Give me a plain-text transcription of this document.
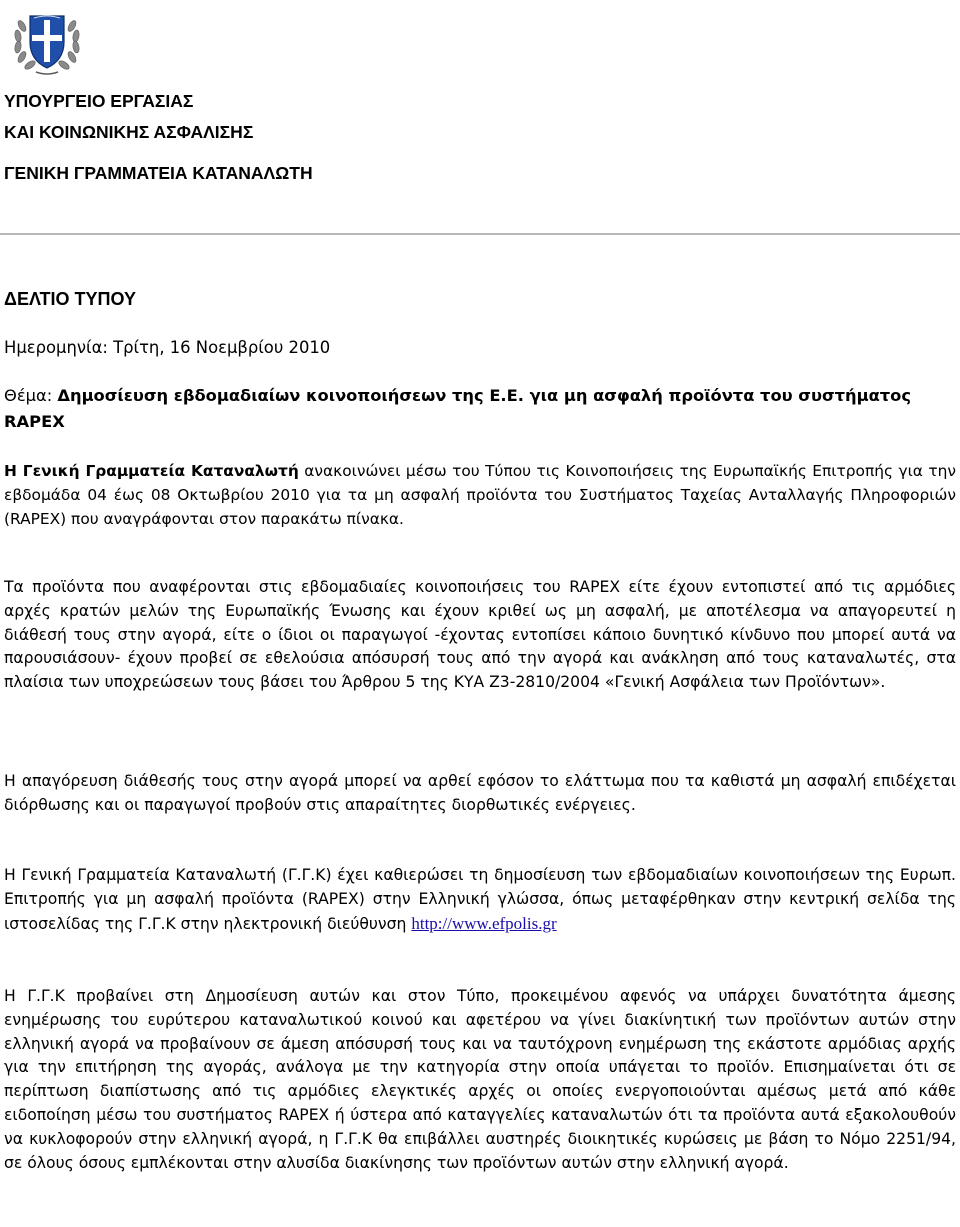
ΥΠΟΥΡΓΕΙΟ ΕΡΓΑΣΙΑΣ
ΚΑΙ ΚΟΙΝΩΝΙΚΗΣ ΑΣΦΑΛΙΣΗΣ
ΓΕΝΙΚΗ ΓΡΑΜΜΑΤΕΙΑ ΚΑΤΑΝΑΛΩΤΗ
ΔΕΛΤΙΟ ΤΥΠΟΥ

Ημερομηνία: Τρίτη, 16 Νοεμβρίου 2010

Θέμα: Δημοσίευση εβδομαδιαίων κοινοποιήσεων της Ε.Ε. για μη ασφαλή προϊόντα του συστήματος RAPEX

Η Γενική Γραμματεία Καταναλωτή ανακοινώνει μέσω του Τύπου τις Κοινοποιήσεις της Ευρωπαϊκής Επιτροπής για την εβδομάδα 04 έως 08 Οκτωβρίου 2010 για τα μη ασφαλή προϊόντα του Συστήματος Ταχείας Ανταλλαγής Πληροφοριών (RAPEX) που αναγράφονται στον παρακάτω πίνακα.

Τα προϊόντα που αναφέρονται στις εβδομαδιαίες κοινοποιήσεις του RAPEX είτε έχουν εντοπιστεί από τις αρμόδιες αρχές κρατών μελών της Ευρωπαϊκής Ένωσης και έχουν κριθεί ως μη ασφαλή, με αποτέλεσμα να απαγορευτεί η διάθεσή τους στην αγορά, είτε ο ίδιοι οι παραγωγοί -έχοντας εντοπίσει κάποιο δυνητικό κίνδυνο που μπορεί αυτά να παρουσιάσουν- έχουν προβεί σε εθελούσια απόσυρσή τους από την αγορά και ανάκληση από τους καταναλωτές, στα πλαίσια των υποχρεώσεων τους βάσει του Άρθρου 5 της ΚΥΑ Ζ3-2810/2004 «Γενική Ασφάλεια των Προϊόντων».

Η απαγόρευση διάθεσής τους στην αγορά μπορεί να αρθεί εφόσον το ελάττωμα που τα καθιστά μη ασφαλή επιδέχεται διόρθωσης και οι παραγωγοί προβούν στις απαραίτητες διορθωτικές ενέργειες.

Η Γενική Γραμματεία Καταναλωτή (Γ.Γ.Κ) έχει καθιερώσει τη δημοσίευση των εβδομαδιαίων κοινοποιήσεων της Ευρωπ. Επιτροπής για μη ασφαλή προϊόντα (RAPEX) στην Ελληνική γλώσσα, όπως μεταφέρθηκαν στην κεντρική σελίδα της ιστοσελίδας της Γ.Γ.Κ στην ηλεκτρονική διεύθυνση http://www.efpolis.gr

Η Γ.Γ.Κ προβαίνει στη Δημοσίευση αυτών και στον Τύπο, προκειμένου αφενός να υπάρχει δυνατότητα άμεσης ενημέρωσης του ευρύτερου καταναλωτικού κοινού και αφετέρου να γίνει διακίνητική των προϊόντων αυτών στην ελληνική αγορά να προβαίνουν σε άμεση απόσυρσή τους και να ταυτόχρονη ενημέρωση της εκάστοτε αρμόδιας αρχής για την επιτήρηση της αγοράς, ανάλογα με την κατηγορία στην οποία υπάγεται το προϊόν. Επισημαίνεται ότι σε περίπτωση διαπίστωσης από τις αρμόδιες ελεγκτικές αρχές οι οποίες ενεργοποιούνται αμέσως μετά από κάθε ειδοποίηση μέσω του συστήματος RAPEX ή ύστερα από καταγγελίες καταναλωτών ότι τα προϊόντα αυτά εξακολουθούν να κυκλοφορούν στην ελληνική αγορά, η Γ.Γ.Κ θα επιβάλλει αυστηρές διοικητικές κυρώσεις με βάση το Νόμο 2251/94, σε όλους όσους εμπλέκονται στην αλυσίδα διακίνησης των προϊόντων αυτών στην ελληνική αγορά.
